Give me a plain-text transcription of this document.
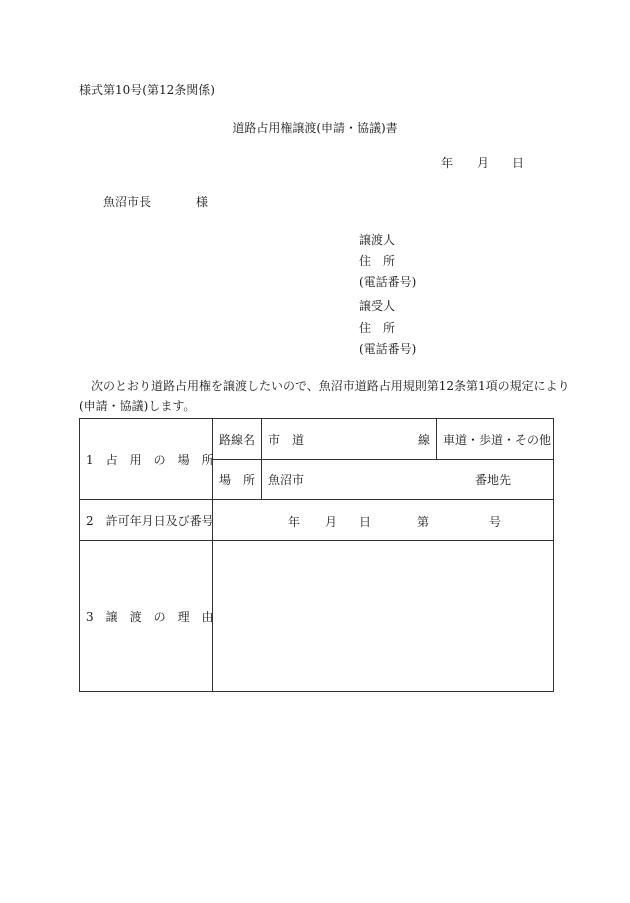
様式第10号(第12条関係)
道路占用権譲渡(申請・協議)書
年 月 日
魚沼市長	様
譲渡人
住　所
(電話番号)
譲受人
住　所
(電話番号)
次のとおり道路占用権を譲渡したいので、魚沼市道路占用規則第12条第1項の規定により
(申請・協議)します。
1　占　用　の　場　所	路線名	市　道 線	車道・歩道・その他
	場　所	魚沼市 番地先	

2　許可年月日及び番号	年 月 日 第 号		

3　譲　渡　の　理　由			
